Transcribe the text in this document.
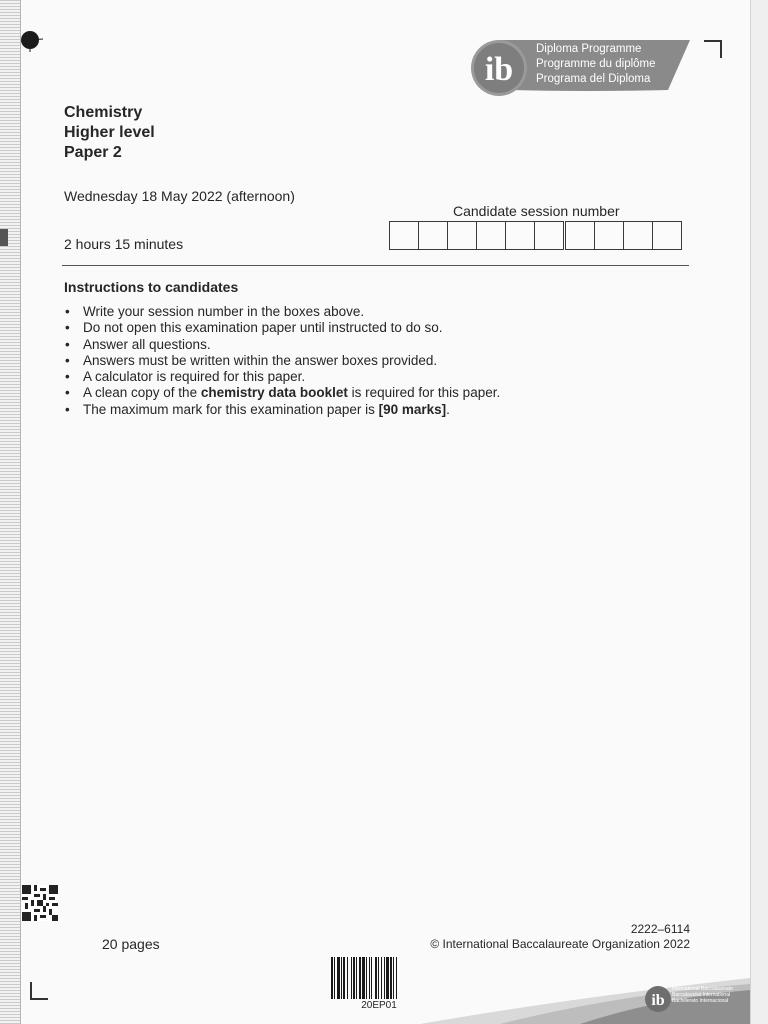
ib
Diploma Programme
Programme du diplôme
Programa del Diploma
Chemistry
Higher level
Paper 2
Wednesday 18 May 2022 (afternoon)
2 hours 15 minutes
Candidate session number
Instructions to candidates
• Write your session number in the boxes above.
• Do not open this examination paper until instructed to do so.
• Answer all questions.
• Answers must be written within the answer boxes provided.
• A calculator is required for this paper.
• A clean copy of the chemistry data booklet is required for this paper.
• The maximum mark for this examination paper is [90 marks].
20 pages
2222–6114
© International Baccalaureate Organization 2022
20EP01	ib
International Baccalaureate
Baccalauréat International
Bachillerato Internacional
